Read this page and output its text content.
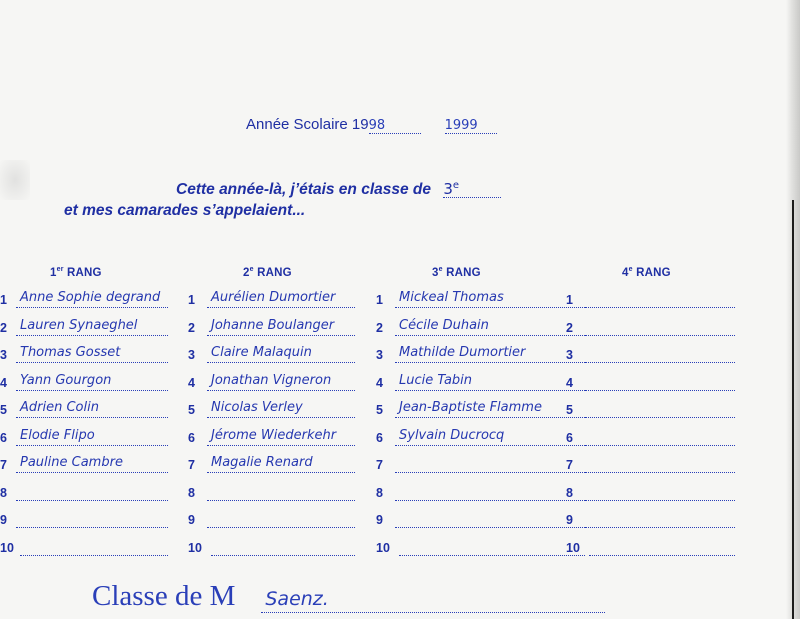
Année Scolaire 1998	1999
Cette année-là, j’étais en classe de 3e
et mes camarades s’appelaient...
1er RANG
1	Anne Sophie degrand
2	Lauren Synaeghel
3	Thomas Gosset
4	Yann Gourgon
5	Adrien Colin
6	Elodie Flipo
7	Pauline Cambre
8
9
10
2e RANG
1	Aurélien Dumortier
2	Johanne Boulanger
3	Claire Malaquin
4	Jonathan Vigneron
5	Nicolas Verley
6	Jérome Wiederkehr
7	Magalie Renard
8
9
10
3e RANG
1	Mickeal Thomas
2	Cécile Duhain
3	Mathilde Dumortier
4	Lucie Tabin
5	Jean-Baptiste Flamme
6	Sylvain Ducrocq
7
8
9
10
4e RANG
1
2
3
4
5
6
7
8
9
10
Classe de M Saenz.
